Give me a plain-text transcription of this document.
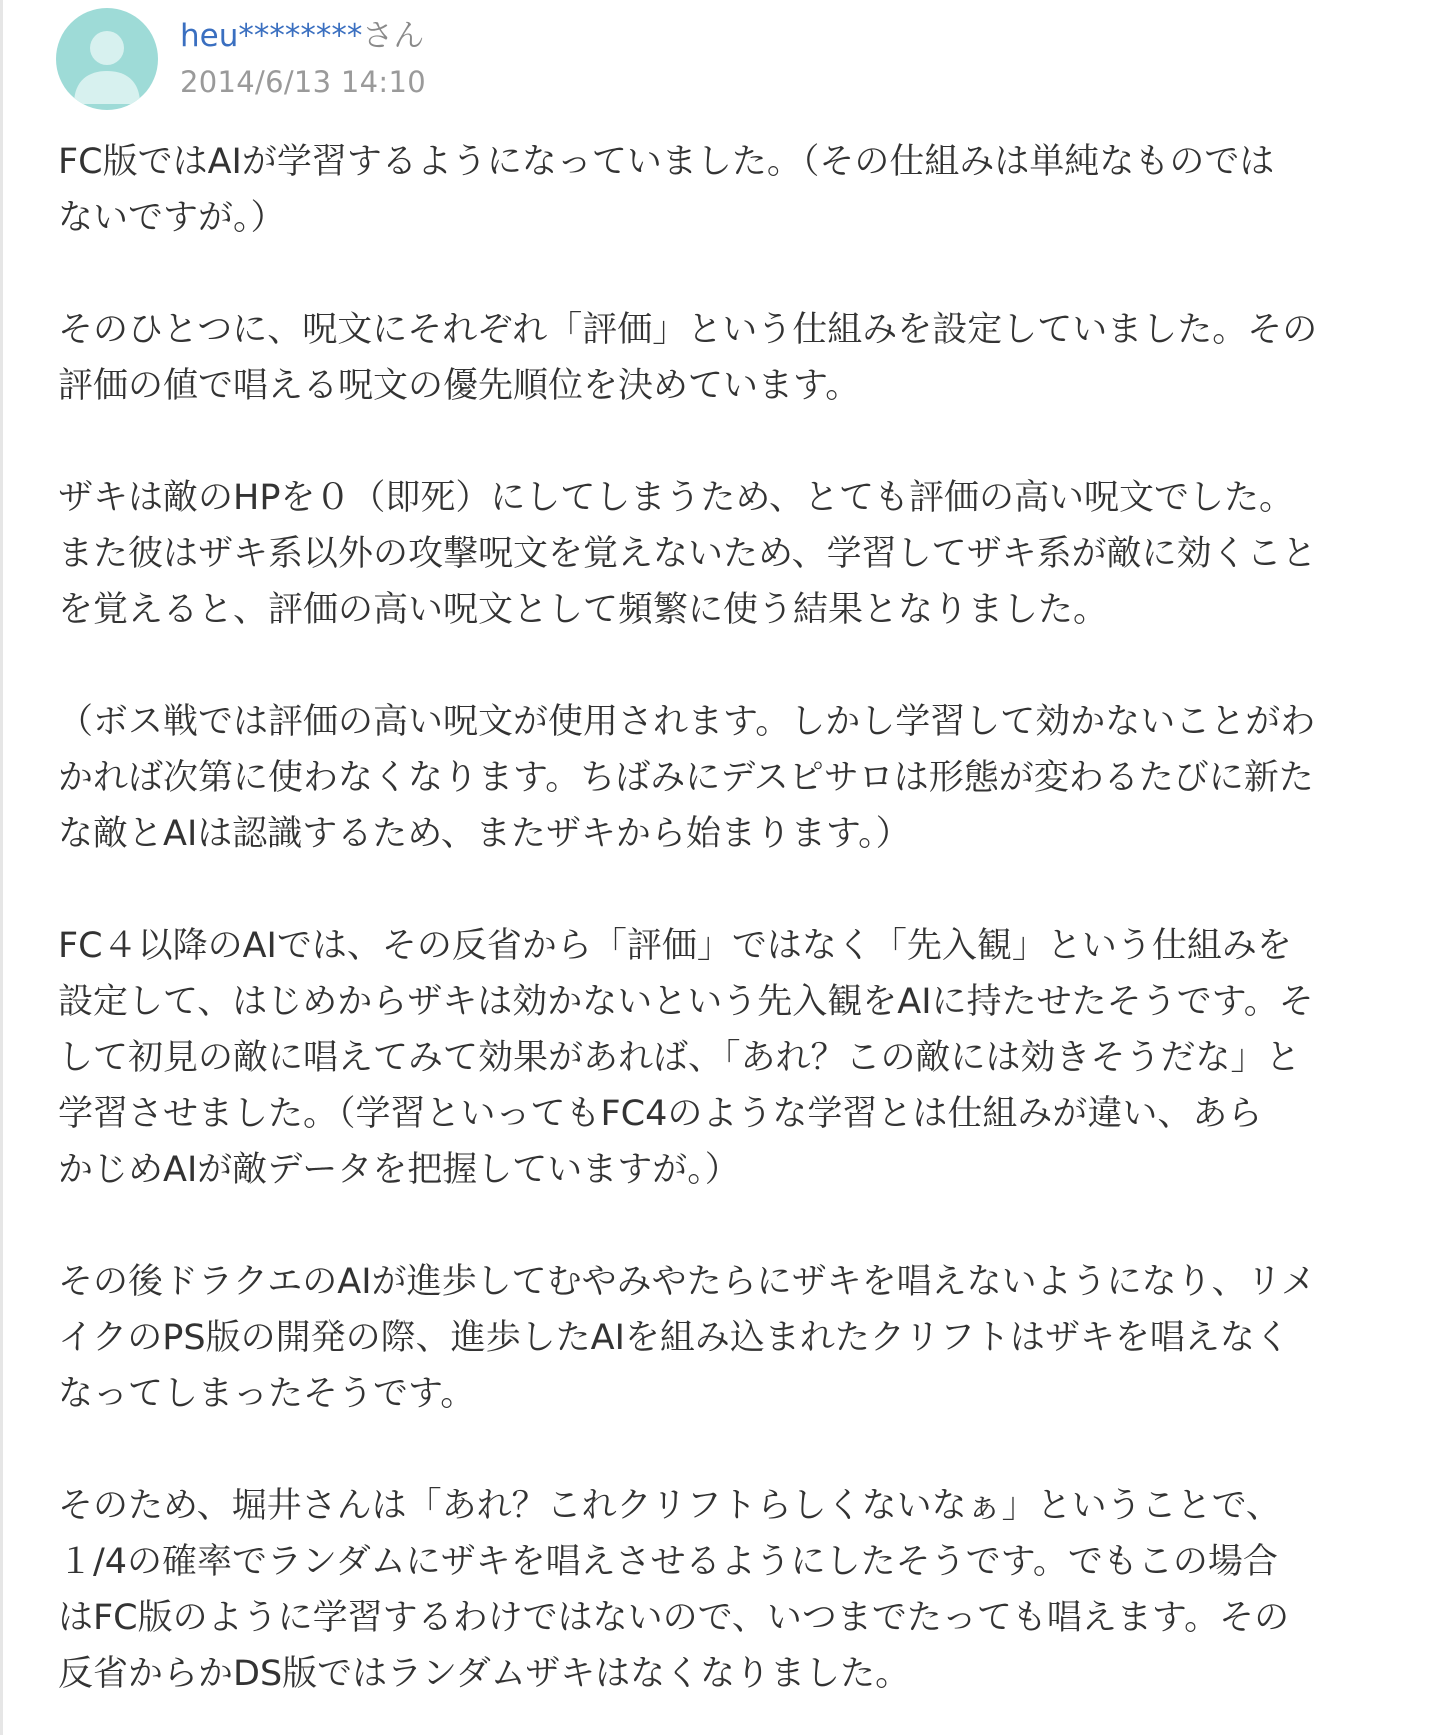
heu********さん
2014/6/13 14:10

FC版ではAIが学習するようになっていました。（その仕組みは単純なものでは
ないですが。）

そのひとつに、呪文にそれぞれ「評価」という仕組みを設定していました。その
評価の値で唱える呪文の優先順位を決めています。

ザキは敵のHPを０（即死）にしてしまうため、とても評価の高い呪文でした。
また彼はザキ系以外の攻撃呪文を覚えないため、学習してザキ系が敵に効くこと
を覚えると、評価の高い呪文として頻繁に使う結果となりました。

（ボス戦では評価の高い呪文が使用されます。しかし学習して効かないことがわ
かれば次第に使わなくなります。ちばみにデスピサロは形態が変わるたびに新た
な敵とAIは認識するため、またザキから始まります。）

FC４以降のAIでは、その反省から「評価」ではなく「先入観」という仕組みを
設定して、はじめからザキは効かないという先入観をAIに持たせたそうです。そ
して初見の敵に唱えてみて効果があれば、「あれ？この敵には効きそうだな」と
学習させました。（学習といってもFC4のような学習とは仕組みが違い、あら
かじめAIが敵データを把握していますが。）

その後ドラクエのAIが進歩してむやみやたらにザキを唱えないようになり、リメ
イクのPS版の開発の際、進歩したAIを組み込まれたクリフトはザキを唱えなく
なってしまったそうです。

そのため、堀井さんは「あれ？これクリフトらしくないなぁ」ということで、
１/4の確率でランダムにザキを唱えさせるようにしたそうです。でもこの場合
はFC版のように学習するわけではないので、いつまでたっても唱えます。その
反省からかDS版ではランダムザキはなくなりました。
